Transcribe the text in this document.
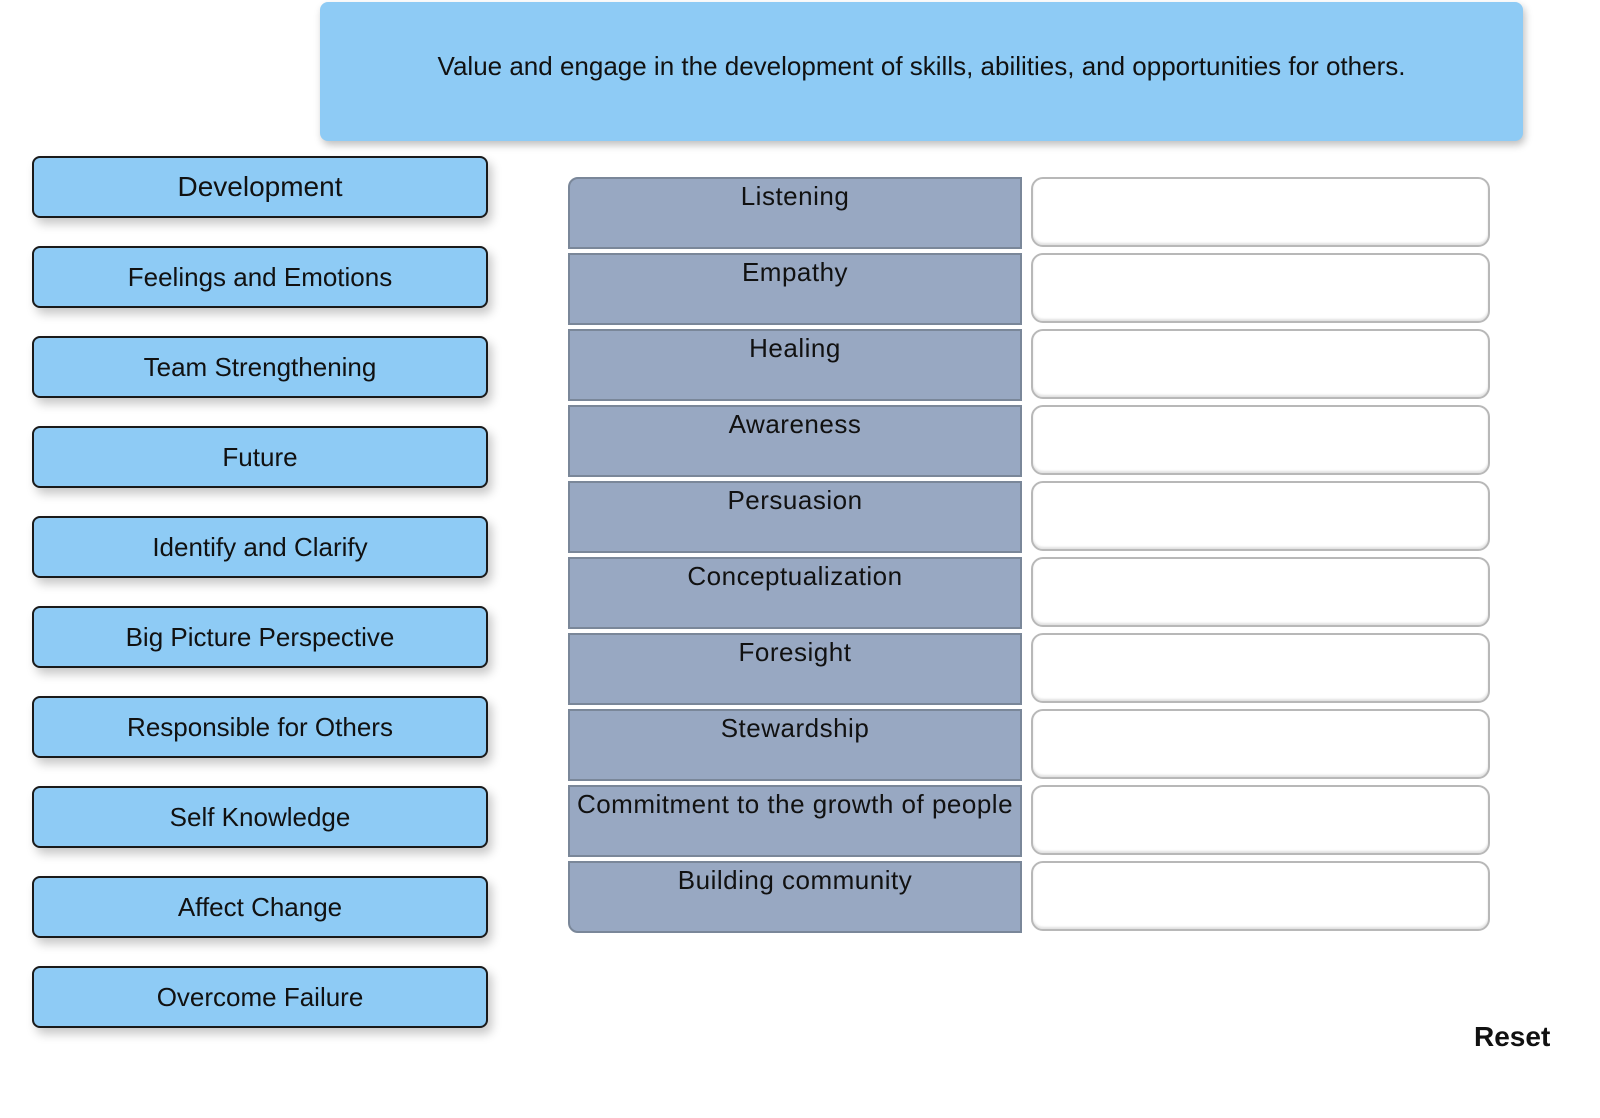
Value and engage in the development of skills, abilities, and opportunities for others.
Development
Feelings and Emotions
Team Strengthening
Future
Identify and Clarify
Big Picture Perspective
Responsible for Others
Self Knowledge
Affect Change
Overcome Failure
Listening
Empathy
Healing
Awareness
Persuasion
Conceptualization
Foresight
Stewardship
Commitment to the growth of people
Building community
Reset
